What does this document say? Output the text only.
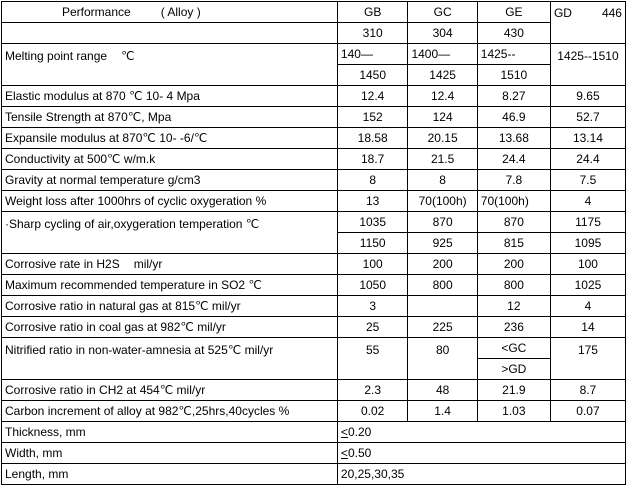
Performance ( Alloy )	GB	GC	GE	GD 446
	310	304	430	
Melting point range ℃	140—	1400—	1425--	1425--1510
	1450	1425	1510	
Elastic modulus at 870 ℃ 10- 4 Mpa	12.4	12.4	8.27	9.65
Tensile Strength at 870℃, Mpa	152	124	46.9	52.7
Expansile modulus at 870℃ 10- -6/℃	18.58	20.15	13.68	13.14
Conductivity at 500℃ w/m.k	18.7	21.5	24.4	24.4
Gravity at normal temperature g/cm3	8	8	7.8	7.5
Weight loss after 1000hrs of cyclic oxygeration %	13	70(100h)	70(100h)	4
·Sharp cycling of air,oxygeration temperation ℃	1035	870	870	1175
	1150	925	815	1095
Corrosive rate in H2S mil/yr	100	200	200	100
Maximum recommended temperature in SO2 ℃	1050	800	800	1025
Corrosive ratio in natural gas at 815℃ mil/yr	3		12	4
Corrosive ratio in coal gas at 982℃ mil/yr	25	225	236	14
Nitrified ratio in non-water-amnesia at 525℃ mil/yr	55	80	<GC	175
			>GD	
Corrosive ratio in CH2 at 454℃ mil/yr	2.3	48	21.9	8.7
Carbon increment of alloy at 982℃,25hrs,40cycles %	0.02	1.4	1.03	0.07
Thickness, mm	<0.20			
Width, mm	<0.50			
Length, mm	20,25,30,35			
